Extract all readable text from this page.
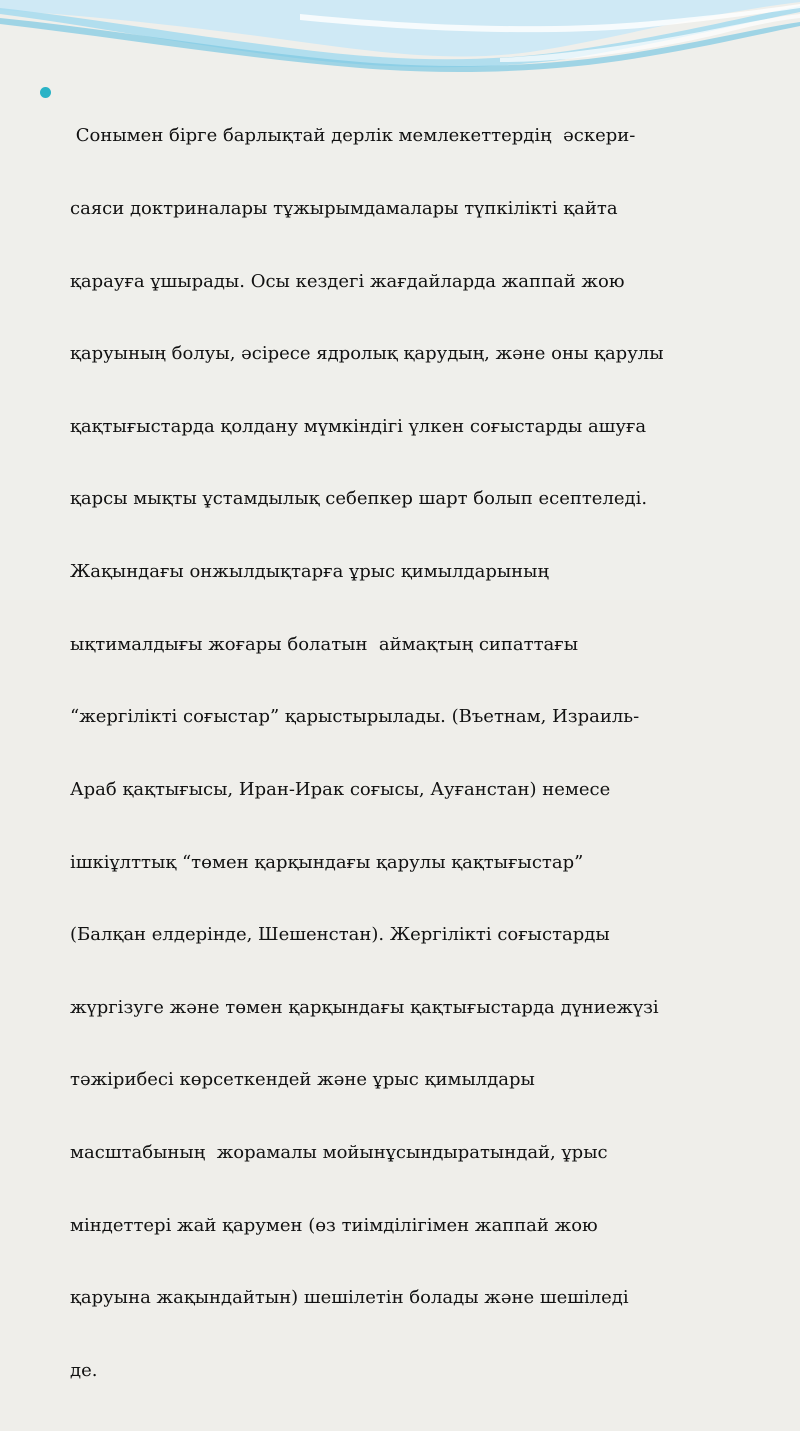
Сонымен бірге барлықтай дерлік мемлекеттердің  әскери-

саяси доктриналары тұжырымдамалары түпкілікті қайта

қарауға ұшырады. Осы кездегі жағдайларда жаппай жою

қаруының болуы, әсіресе ядролық қарудың, және оны қарулы

қақтығыстарда қолдану мүмкіндігі үлкен соғыстарды ашуға

қарсы мықты ұстамдылық себепкер шарт болып есептеледі.

Жақындағы онжылдықтарға ұрыс қимылдарының

ықтималдығы жоғары болатын  аймақтың сипаттағы

“жергілікті соғыстар” қарыстырылады. (Въетнам, Израиль-

Араб қақтығысы, Иран-Ирак соғысы, Ауғанстан) немесе

ішкіұлттық “төмен қарқындағы қарулы қақтығыстар”

(Балқан елдерінде, Шешенстан). Жергілікті соғыстарды

жүргізуге және төмен қарқындағы қақтығыстарда дүниежүзі

тәжірибесі көрсеткендей және ұрыс қимылдары

масштабының  жорамалы мойынұсындыратындай, ұрыс

міндеттері жай қарумен (өз тиімділігімен жаппай жою

қаруына жақындайтын) шешілетін болады және шешіледі

де.
